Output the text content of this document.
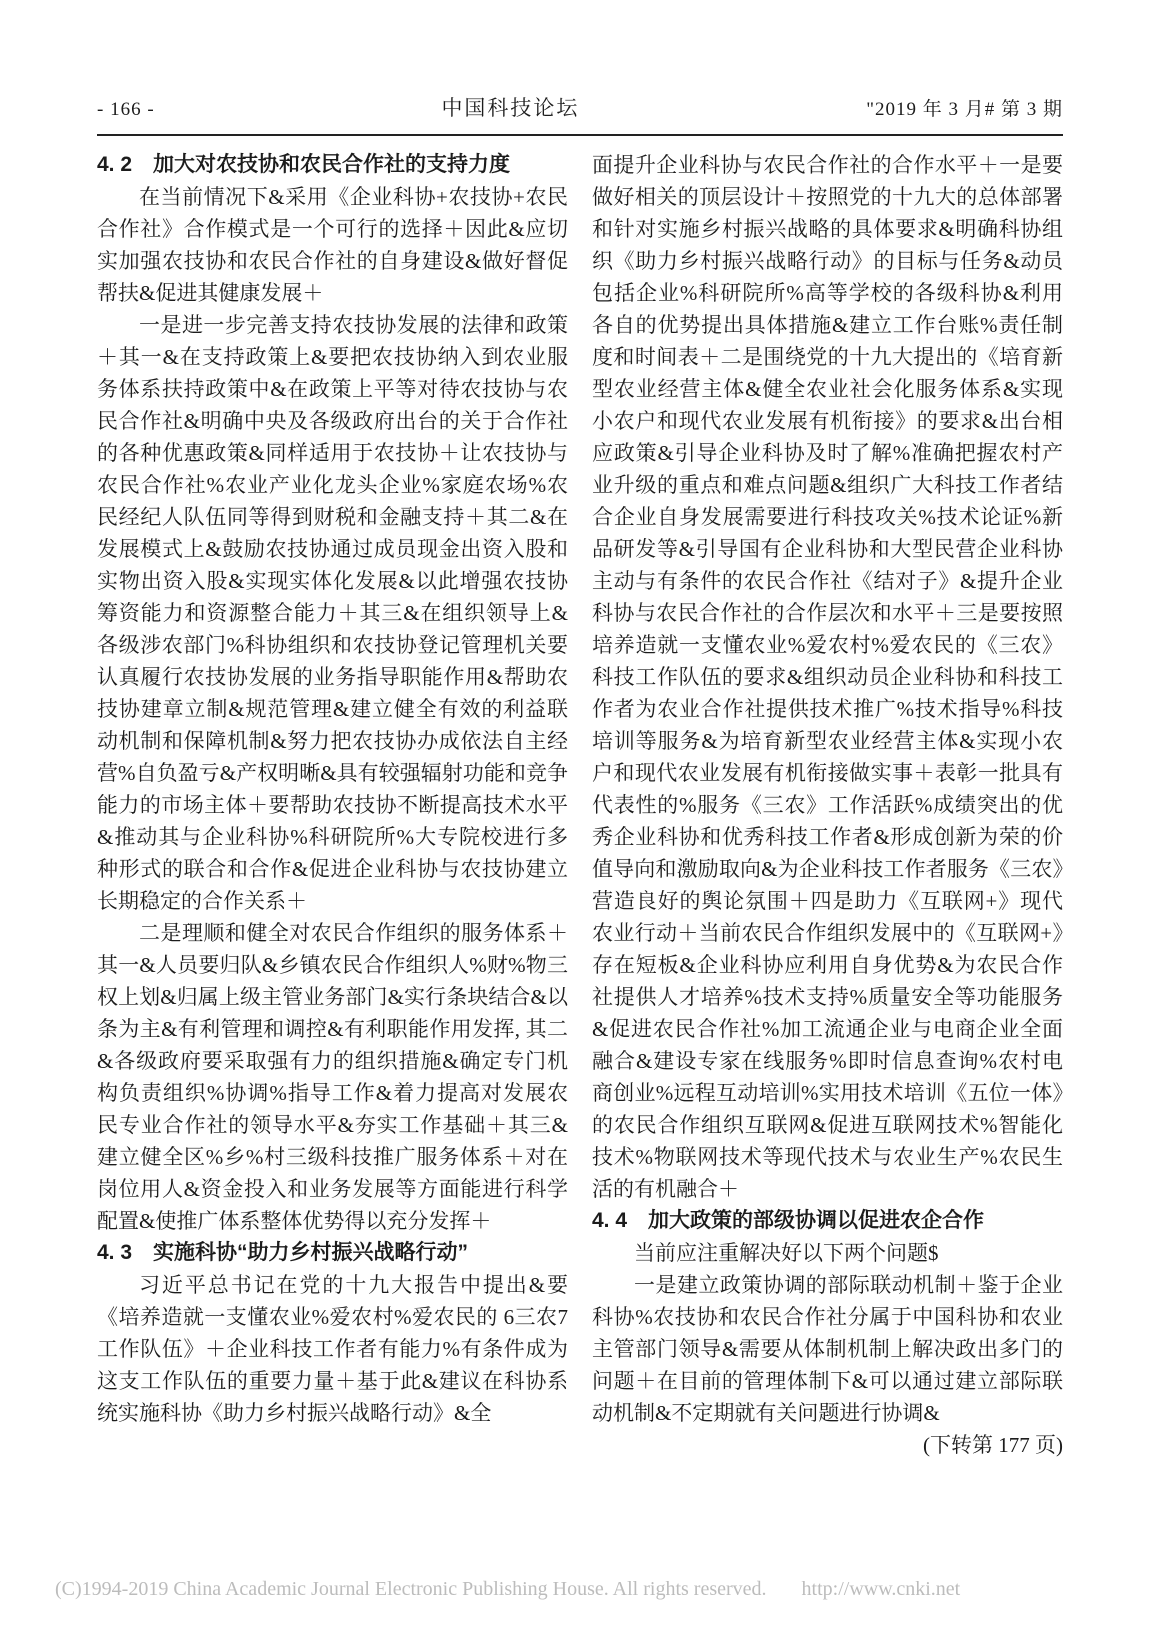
- 166 -	中国科技论坛	"2019 年 3 月# 第 3 期
4. 2　加大对农技协和农民合作社的支持力度

在当前情况下&采用《企业科协+农技协+农民合作社》合作模式是一个可行的选择＋因此&应切实加强农技协和农民合作社的自身建设&做好督促帮扶&促进其健康发展＋

一是进一步完善支持农技协发展的法律和政策＋其一&在支持政策上&要把农技协纳入到农业服务体系扶持政策中&在政策上平等对待农技协与农民合作社&明确中央及各级政府出台的关于合作社的各种优惠政策&同样适用于农技协＋让农技协与农民合作社%农业产业化龙头企业%家庭农场%农民经纪人队伍同等得到财税和金融支持＋其二&在发展模式上&鼓励农技协通过成员现金出资入股和实物出资入股&实现实体化发展&以此增强农技协筹资能力和资源整合能力＋其三&在组织领导上&各级涉农部门%科协组织和农技协登记管理机关要认真履行农技协发展的业务指导职能作用&帮助农技协建章立制&规范管理&建立健全有效的利益联动机制和保障机制&努力把农技协办成依法自主经营%自负盈亏&产权明晰&具有较强辐射功能和竞争能力的市场主体＋要帮助农技协不断提高技术水平&推动其与企业科协%科研院所%大专院校进行多种形式的联合和合作&促进企业科协与农技协建立长期稳定的合作关系＋

二是理顺和健全对农民合作组织的服务体系＋其一&人员要归队&乡镇农民合作组织人%财%物三权上划&归属上级主管业务部门&实行条块结合&以条为主&有利管理和调控&有利职能作用发挥, 其二&各级政府要采取强有力的组织措施&确定专门机构负责组织%协调%指导工作&着力提高对发展农民专业合作社的领导水平&夯实工作基础＋其三&建立健全区%乡%村三级科技推广服务体系＋对在岗位用人&资金投入和业务发展等方面能进行科学配置&使推广体系整体优势得以充分发挥＋

4. 3　实施科协“助力乡村振兴战略行动”

习近平总书记在党的十九大报告中提出&要《培养造就一支懂农业%爱农村%爱农民的 6三农7 工作队伍》＋企业科技工作者有能力%有条件成为这支工作队伍的重要力量＋基于此&建议在科协系统实施科协《助力乡村振兴战略行动》&全

面提升企业科协与农民合作社的合作水平＋一是要做好相关的顶层设计＋按照党的十九大的总体部署和针对实施乡村振兴战略的具体要求&明确科协组织《助力乡村振兴战略行动》的目标与任务&动员包括企业%科研院所%高等学校的各级科协&利用各自的优势提出具体措施&建立工作台账%责任制度和时间表＋二是围绕党的十九大提出的《培育新型农业经营主体&健全农业社会化服务体系&实现小农户和现代农业发展有机衔接》的要求&出台相应政策&引导企业科协及时了解%准确把握农村产业升级的重点和难点问题&组织广大科技工作者结合企业自身发展需要进行科技攻关%技术论证%新品研发等&引导国有企业科协和大型民营企业科协主动与有条件的农民合作社《结对子》&提升企业科协与农民合作社的合作层次和水平＋三是要按照培养造就一支懂农业%爱农村%爱农民的《三农》科技工作队伍的要求&组织动员企业科协和科技工作者为农业合作社提供技术推广%技术指导%科技培训等服务&为培育新型农业经营主体&实现小农户和现代农业发展有机衔接做实事＋表彰一批具有代表性的%服务《三农》工作活跃%成绩突出的优秀企业科协和优秀科技工作者&形成创新为荣的价值导向和激励取向&为企业科技工作者服务《三农》营造良好的舆论氛围＋四是助力《互联网+》现代农业行动＋当前农民合作组织发展中的《互联网+》存在短板&企业科协应利用自身优势&为农民合作社提供人才培养%技术支持%质量安全等功能服务&促进农民合作社%加工流通企业与电商企业全面融合&建设专家在线服务%即时信息查询%农村电商创业%远程互动培训%实用技术培训《五位一体》的农民合作组织互联网&促进互联网技术%智能化技术%物联网技术等现代技术与农业生产%农民生活的有机融合＋

4. 4　加大政策的部级协调以促进农企合作

当前应注重解决好以下两个问题$

一是建立政策协调的部际联动机制＋鉴于企业科协%农技协和农民合作社分属于中国科协和农业主管部门领导&需要从体制机制上解决政出多门的问题＋在目前的管理体制下&可以通过建立部际联动机制&不定期就有关问题进行协调&

(下转第 177 页)

(C)1994-2019 China Academic Journal Electronic Publishing House. All rights reserved. http://www.cnki.net
